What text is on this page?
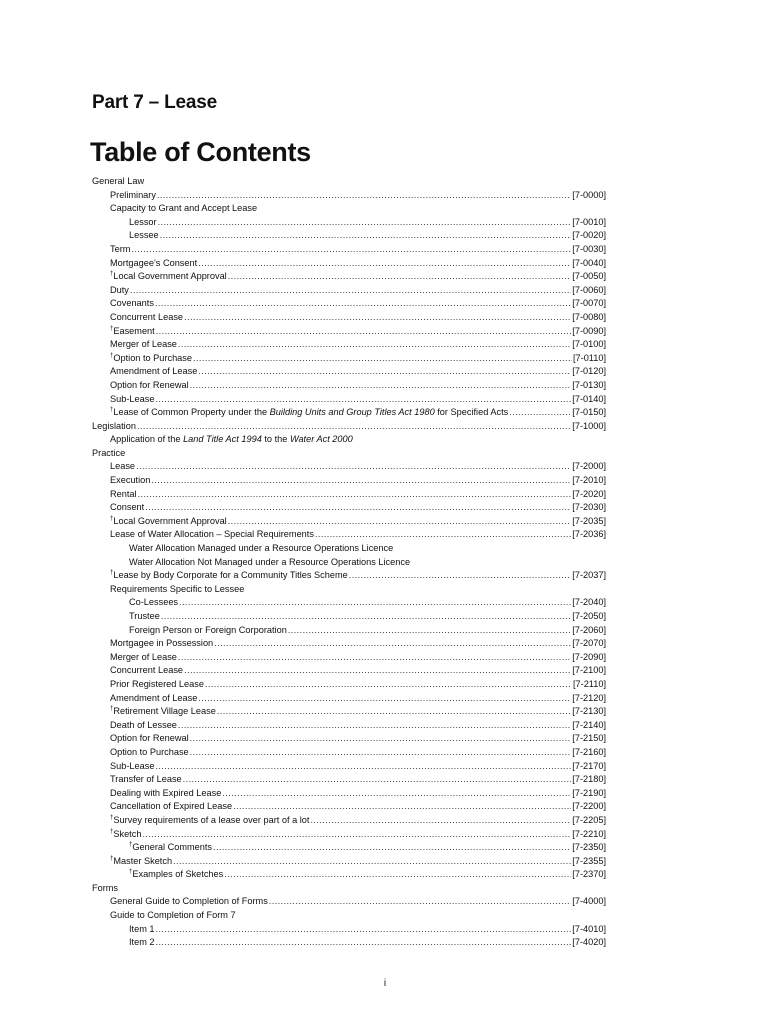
Part 7 – Lease
Table of Contents
General Law
Preliminary .....	[7-0000]
Capacity to Grant and Accept Lease
Lessor .....	[7-0010]
Lessee .....	[7-0020]
Term .....	[7-0030]
Mortgagee’s Consent .....	[7-0040]
†Local Government Approval .....	[7-0050]
Duty .....	[7-0060]
Covenants .....	[7-0070]
Concurrent Lease .....	[7-0080]
†Easement .....	[7-0090]
Merger of Lease .....	[7-0100]
†Option to Purchase .....	[7-0110]
Amendment of Lease .....	[7-0120]
Option for Renewal .....	[7-0130]
Sub-Lease .....	[7-0140]
†Lease of Common Property under the Building Units and Group Titles Act 1980 for Specified Acts .....	[7-0150]
Legislation .....	[7-1000]
Application of the Land Title Act 1994 to the Water Act 2000
Practice
Lease .....	[7-2000]
Execution .....	[7-2010]
Rental .....	[7-2020]
Consent .....	[7-2030]
†Local Government Approval .....	[7-2035]
Lease of Water Allocation – Special Requirements .....	[7-2036]
Water Allocation Managed under a Resource Operations Licence
Water Allocation Not Managed under a Resource Operations Licence
†Lease by Body Corporate for a Community Titles Scheme .....	[7-2037]
Requirements Specific to Lessee
Co-Lessees .....	[7-2040]
Trustee .....	[7-2050]
Foreign Person or Foreign Corporation .....	[7-2060]
Mortgagee in Possession .....	[7-2070]
Merger of Lease .....	[7-2090]
Concurrent Lease .....	[7-2100]
Prior Registered Lease .....	[7-2110]
Amendment of Lease .....	[7-2120]
†Retirement Village Lease .....	[7-2130]
Death of Lessee .....	[7-2140]
Option for Renewal .....	[7-2150]
Option to Purchase .....	[7-2160]
Sub-Lease .....	[7-2170]
Transfer of Lease .....	[7-2180]
Dealing with Expired Lease .....	[7-2190]
Cancellation of Expired Lease .....	[7-2200]
†Survey requirements of a lease over part of a lot .....	[7-2205]
†Sketch .....	[7-2210]
†General Comments .....	[7-2350]
†Master Sketch .....	[7-2355]
†Examples of Sketches .....	[7-2370]
Forms
General Guide to Completion of Forms .....	[7-4000]
Guide to Completion of Form 7
Item 1 .....	[7-4010]
Item 2 .....	[7-4020]

i
